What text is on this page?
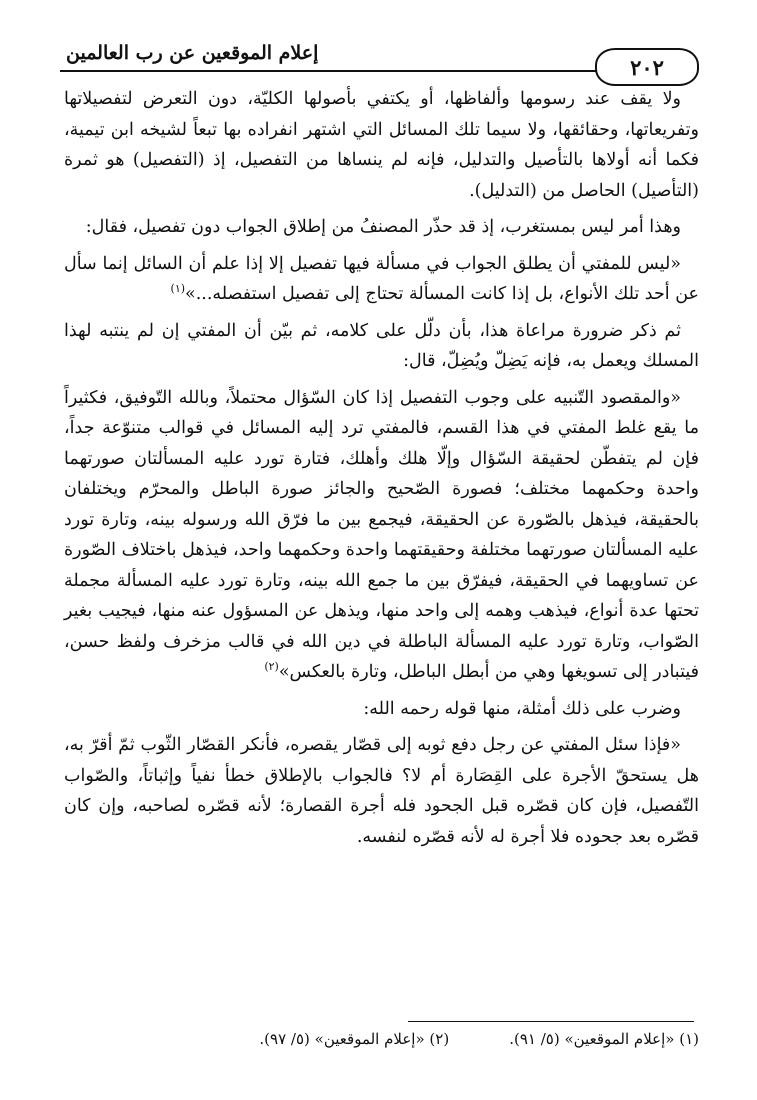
إعلام الموقعين عن رب العالمين
٢٠٢

ولا يقف عند رسومها وألفاظها، أو يكتفي بأصولها الكليّة، دون التعرض لتفصيلاتها وتفريعاتها، وحقائقها، ولا سيما تلك المسائل التي اشتهر انفراده بها تبعاً لشيخه ابن تيمية، فكما أنه أولاها بالتأصيل والتدليل، فإنه لم ينساها من التفصيل، إذ (التفصيل) هو ثمرة (التأصيل) الحاصل من (التدليل).

وهذا أمر ليس بمستغرب، إذ قد حذّر المصنفُ من إطلاق الجواب دون تفصيل، فقال:

«ليس للمفتي أن يطلق الجواب في مسألة فيها تفصيل إلا إذا علم أن السائل إنما سأل عن أحد تلك الأنواع، بل إذا كانت المسألة تحتاج إلى تفصيل استفصله...»$^{(١)}$

ثم ذكر ضرورة مراعاة هذا، بأن دلّل على كلامه، ثم بيّن أن المفتي إن لم ينتبه لهذا المسلك ويعمل به، فإنه يَضِلّ ويُضِلّ، قال:

«والمقصود التّنبيه على وجوب التفصيل إذا كان السّؤال محتملاً، وبالله التّوفيق، فكثيراً ما يقع غلط المفتي في هذا القسم، فالمفتي ترد إليه المسائل في قوالب متنوّعة جداً، فإن لم يتفطّن لحقيقة السّؤال وإلّا هلك وأهلك، فتارة تورد عليه المسألتان صورتهما واحدة وحكمهما مختلف؛ فصورة الصّحيح والجائز صورة الباطل والمحرّم ويختلفان بالحقيقة، فيذهل بالصّورة عن الحقيقة، فيجمع بين ما فرّق الله ورسوله بينه، وتارة تورد عليه المسألتان صورتهما مختلفة وحقيقتهما واحدة وحكمهما واحد، فيذهل باختلاف الصّورة عن تساويهما في الحقيقة، فيفرّق بين ما جمع الله بينه، وتارة تورد عليه المسألة مجملة تحتها عدة أنواع، فيذهب وهمه إلى واحد منها، ويذهل عن المسؤول عنه منها، فيجيب بغير الصّواب، وتارة تورد عليه المسألة الباطلة في دين الله في قالب مزخرف ولفظ حسن، فيتبادر إلى تسويغها وهي من أبطل الباطل، وتارة بالعكس»$^{(٢)}$

وضرب على ذلك أمثلة، منها قوله رحمه الله:

«فإذا سئل المفتي عن رجل دفع ثوبه إلى قصّار يقصره، فأنكر القصّار الثّوب ثمّ أقرّ به، هل يستحقّ الأجرة على القِصَارة أم لا؟ فالجواب بالإطلاق خطأ نفياً وإثباتاً، والصّواب التّفصيل، فإن كان قصّره قبل الجحود فله أجرة القصارة؛ لأنه قصّره لصاحبه، وإن كان قصّره بعد جحوده فلا أجرة له لأنه قصّره لنفسه.

(١) «إعلام الموقعين» (٥/ ٩١).
(٢) «إعلام الموقعين» (٥/ ٩٧).
